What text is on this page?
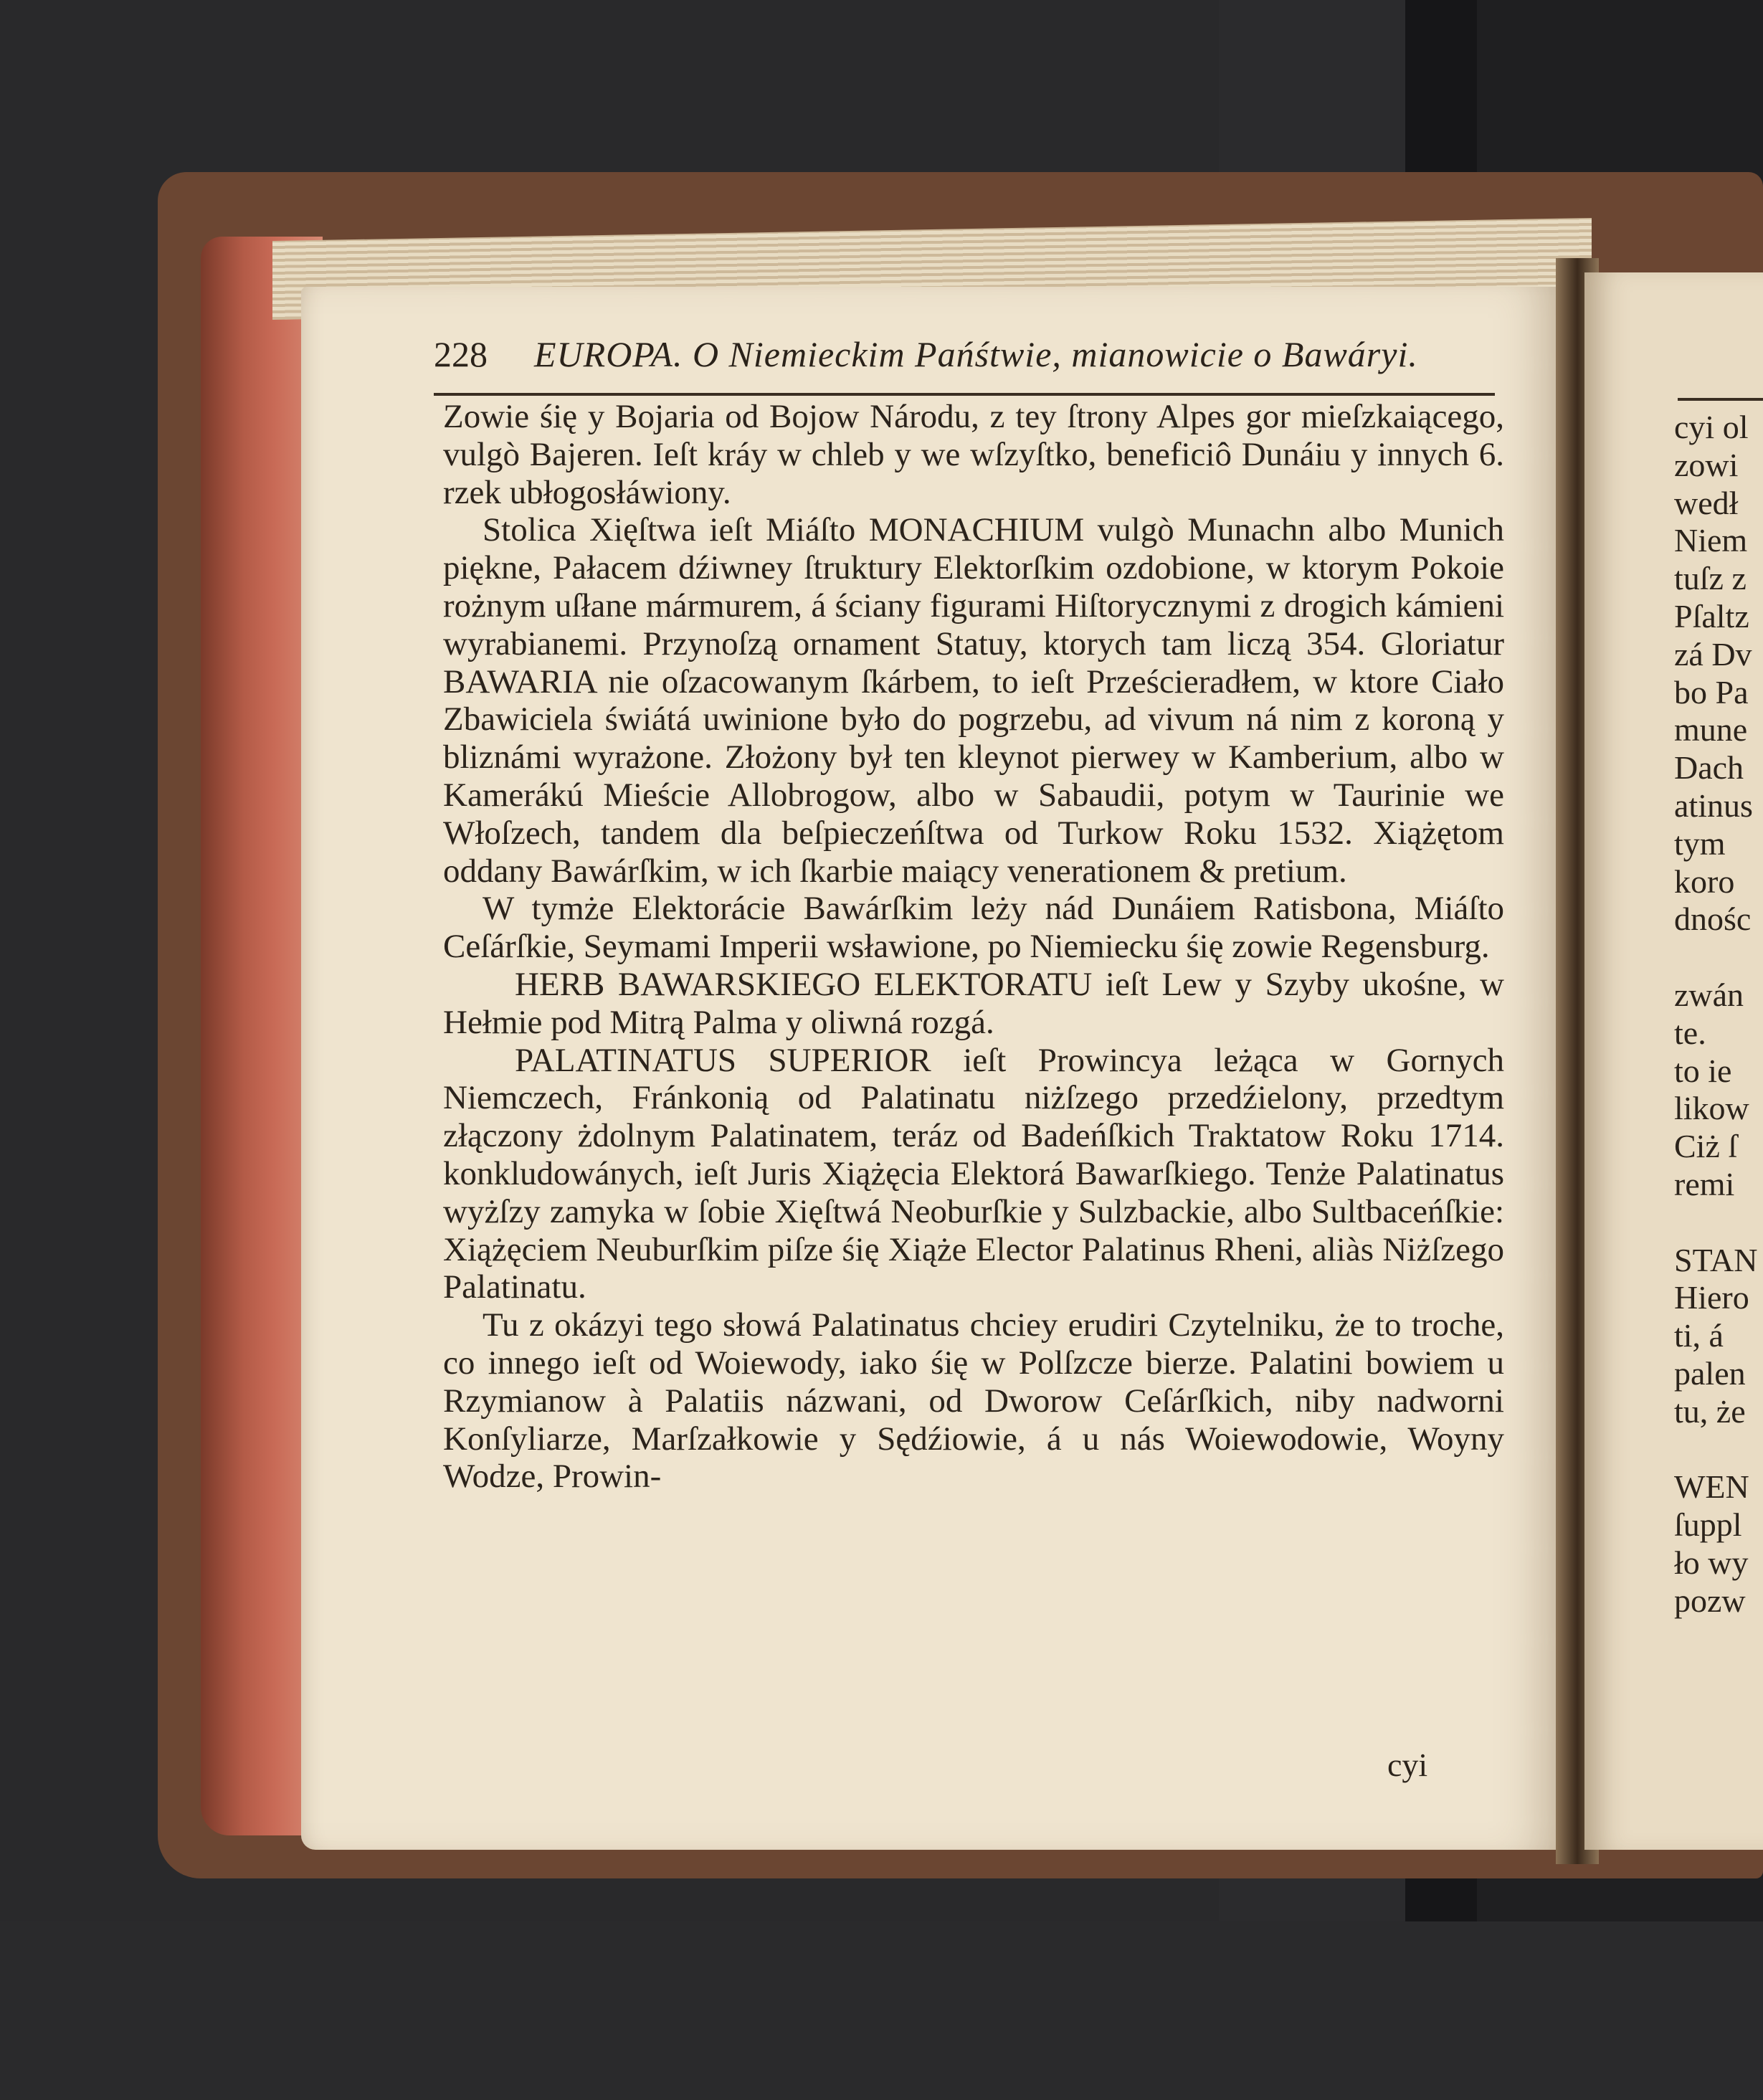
228 EUROPA. O Niemieckim Pańśtwie, mianowicie o Bawáryi.

Zowie śię y Bojaria od Bojow Národu, z tey ſtrony Alpes gor mieſzkaiącego, vulgò Bajeren. Ieſt kráy w chleb y we wſzyſtko, beneficiô Dunáiu y innych 6. rzek ubłogosłáwiony.

Stolica Xięſtwa ieſt Miáſto MONACHIUM vulgò Munachn albo Munich piękne, Pałacem dźiwney ſtruktury Elektorſkim ozdobione, w ktorym Pokoie rożnym uſłane mármurem, á ściany figurami Hiſtorycznymi z drogich kámieni wyrabianemi. Przynoſzą ornament Statuy, ktorych tam liczą 354. Gloriatur BAWARIA nie oſzacowanym ſkárbem, to ieſt Prześcieradłem, w ktore Ciało Zbawiciela świátá uwinione było do pogrzebu, ad vivum ná nim z koroną y bliznámi wyrażone. Złożony był ten kleynot pierwey w Kamberium, albo w Kamerákú Mieście Allobrogow, albo w Sabaudii, potym w Taurinie we Włoſzech, tandem dla beſpieczeńſtwa od Turkow Roku 1532. Xiążętom oddany Bawárſkim, w ich ſkarbie maiący venerationem & pretium.

W tymże Elektorácie Bawárſkim leży nád Dunáiem Ratisbona, Miáſto Ceſárſkie, Seymami Imperii wsławione, po Niemiecku śię zowie Regensburg.

HERB BAWARSKIEGO ELEKTORATU ieſt Lew y Szyby ukośne, w Hełmie pod Mitrą Palma y oliwná rozgá.

PALATINATUS SUPERIOR ieſt Prowincya leżąca w Gornych Niemczech, Fránkonią od Palatinatu niżſzego przedźielony, przedtym złączony żdolnym Palatinatem, teráz od Badeńſkich Traktatow Roku 1714. konkludowánych, ieſt Juris Xiążęcia Elektorá Bawarſkiego. Tenże Palatinatus wyżſzy zamyka w ſobie Xięſtwá Neoburſkie y Sulzbackie, albo Sultbaceńſkie: Xiążęciem Neuburſkim piſze śię Xiąże Elector Palatinus Rheni, aliàs Niżſzego Palatinatu.

Tu z okázyi tego słowá Palatinatus chciey erudiri Czytelniku, że to troche, co innego ieſt od Woiewody, iako śię w Polſzcze bierze. Palatini bowiem u Rzymianow à Palatiis názwani, od Dworow Ceſárſkich, niby nadworni Konſyliarze, Marſzałkowie y Sędźiowie, á u nás Woiewodowie, Woyny Wodze, Prowin-

cyi
cyi ol
zowi
wedł
Niem
tuſz z
Pſaltz
zá Dv
bo Pa
mune
Dach
atinus
tym
koro
dnośc
zwán
te.
to ie
likow
Ciż ſ
remi
STAN
Hiero
ti, á
palen
tu, że
WEN
ſuppl
ło wy
pozw
